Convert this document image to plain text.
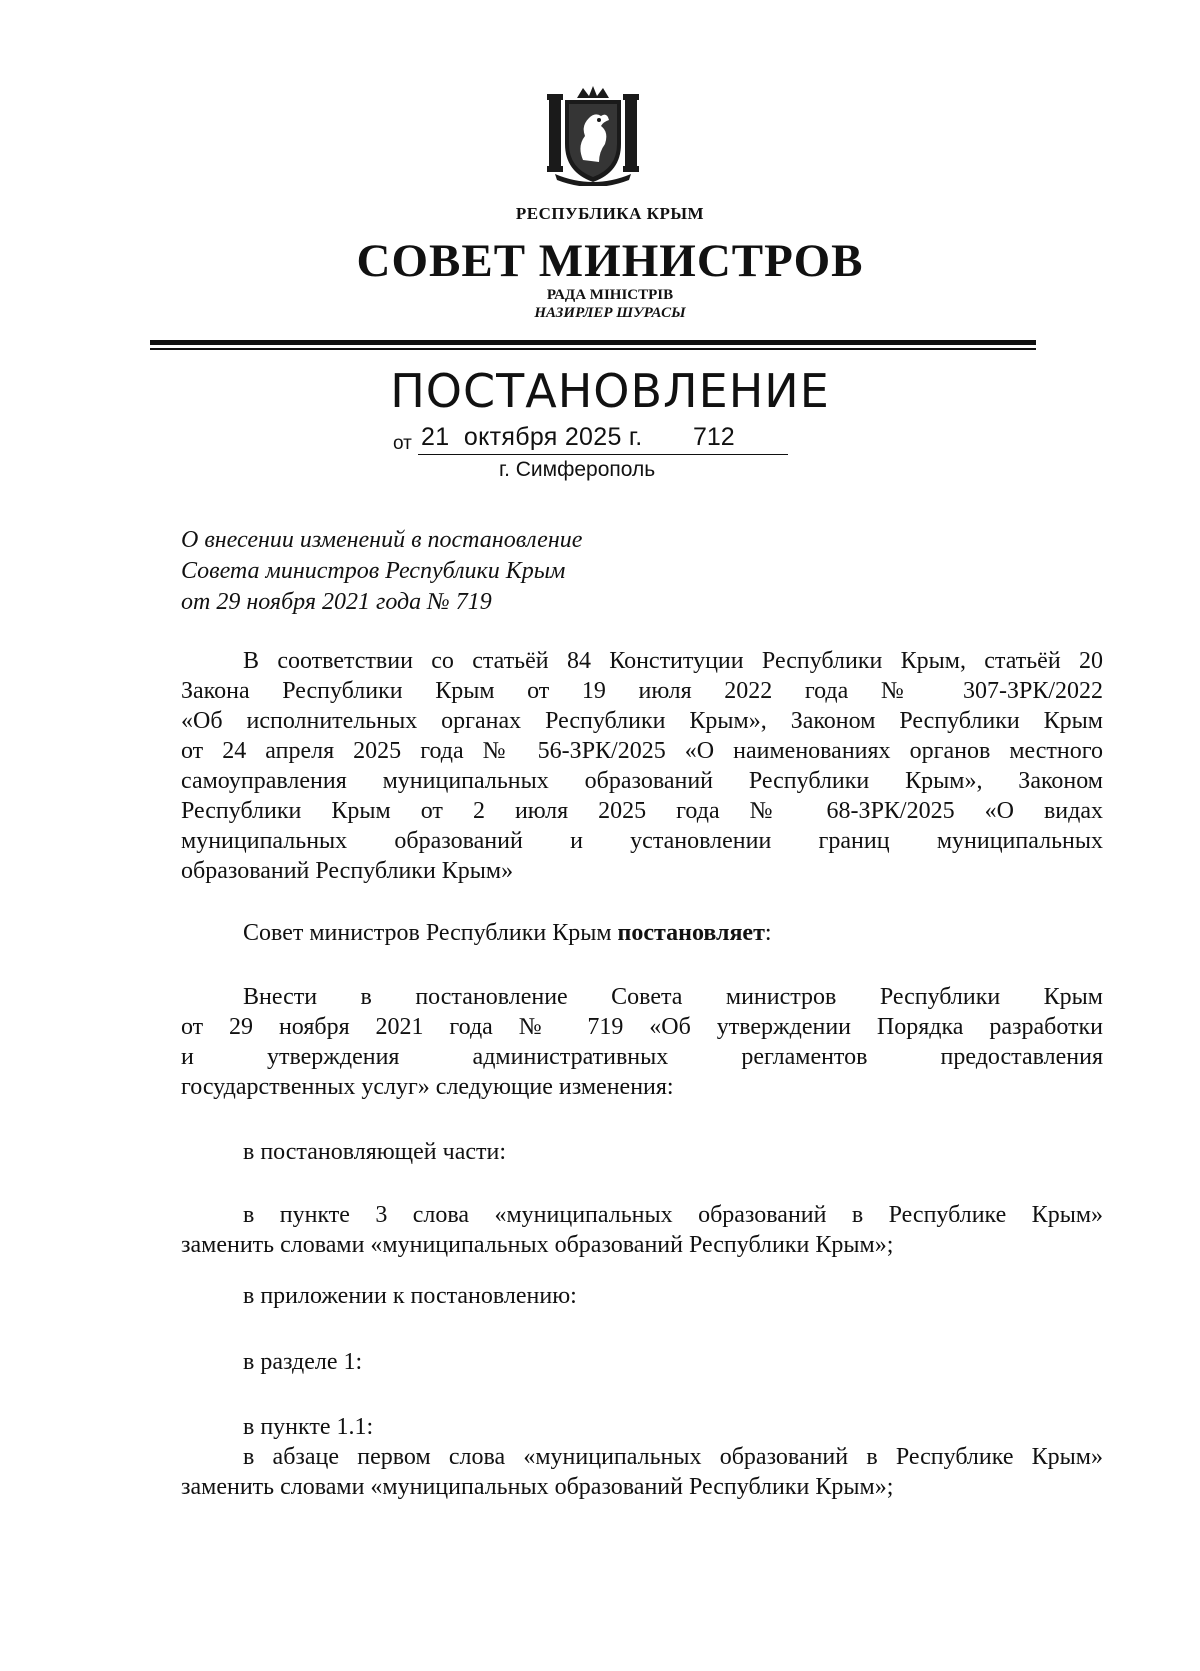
РЕСПУБЛИКА КРЫМ
СОВЕТ МИНИСТРОВ
РАДА МІНІСТРІВ
НАЗИРЛЕР ШУРАСЫ
ПОСТАНОВЛЕНИЕ
от 21  октября 2025 г. 712
г. Симферополь
О внесении изменений в постановление
Совета министров Республики Крым
от 29 ноября 2021 года № 719
В соответствии со статьёй 84 Конституции Республики Крым, статьёй 20
Закона Республики Крым от 19 июля 2022 года № 307-ЗРК/2022
«Об исполнительных органах Республики Крым», Законом Республики Крым
от 24 апреля 2025 года № 56-ЗРК/2025 «О наименованиях органов местного
самоуправления муниципальных образований Республики Крым», Законом
Республики Крым от 2 июля 2025 года № 68-ЗРК/2025 «О видах
муниципальных образований и установлении границ муниципальных
образований Республики Крым»
Совет министров Республики Крым постановляет:
Внести в постановление Совета министров Республики Крым
от 29 ноября 2021 года № 719 «Об утверждении Порядка разработки
и утверждения административных регламентов предоставления
государственных услуг» следующие изменения:
в постановляющей части:
в пункте 3 слова «муниципальных образований в Республике Крым»
заменить словами «муниципальных образований Республики Крым»;
в приложении к постановлению:
в разделе 1:
в пункте 1.1:
в абзаце первом слова «муниципальных образований в Республике Крым»
заменить словами «муниципальных образований Республики Крым»;
